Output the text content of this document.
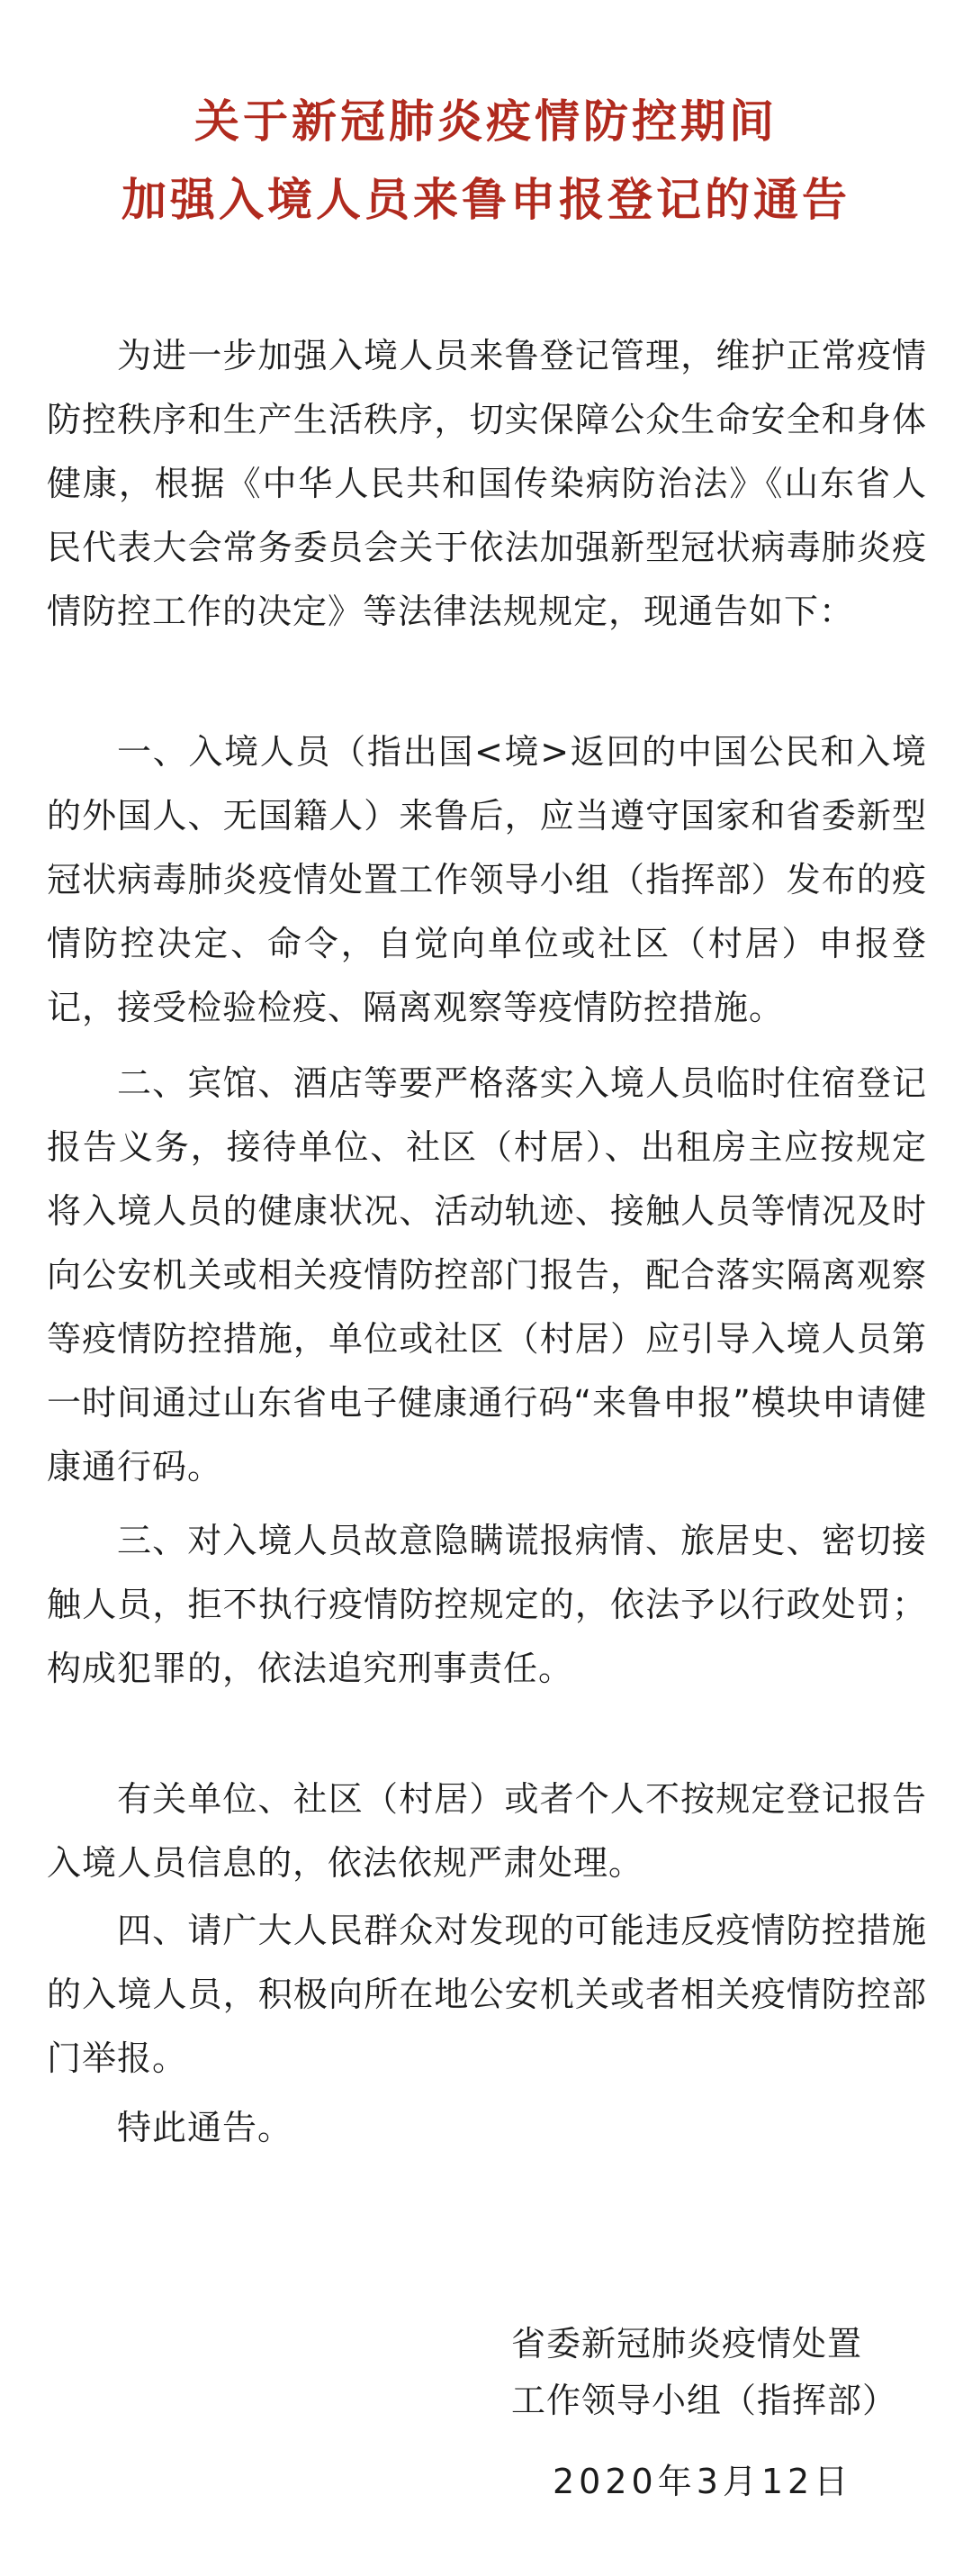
关于新冠肺炎疫情防控期间
加强入境人员来鲁申报登记的通告

为进一步加强入境人员来鲁登记管理，维护正常疫情防控秩序和生产生活秩序，切实保障公众生命安全和身体健康，根据《中华人民共和国传染病防治法》《山东省人民代表大会常务委员会关于依法加强新型冠状病毒肺炎疫情防控工作的决定》等法律法规规定，现通告如下：

一、入境人员（指出国<境>返回的中国公民和入境的外国人、无国籍人）来鲁后，应当遵守国家和省委新型冠状病毒肺炎疫情处置工作领导小组（指挥部）发布的疫情防控决定、命令，自觉向单位或社区（村居）申报登记，接受检验检疫、隔离观察等疫情防控措施。

二、宾馆、酒店等要严格落实入境人员临时住宿登记报告义务，接待单位、社区（村居）、出租房主应按规定将入境人员的健康状况、活动轨迹、接触人员等情况及时向公安机关或相关疫情防控部门报告，配合落实隔离观察等疫情防控措施，单位或社区（村居）应引导入境人员第一时间通过山东省电子健康通行码“来鲁申报”模块申请健康通行码。

三、对入境人员故意隐瞒谎报病情、旅居史、密切接触人员，拒不执行疫情防控规定的，依法予以行政处罚；构成犯罪的，依法追究刑事责任。

有关单位、社区（村居）或者个人不按规定登记报告入境人员信息的，依法依规严肃处理。

四、请广大人民群众对发现的可能违反疫情防控措施的入境人员，积极向所在地公安机关或者相关疫情防控部门举报。

特此通告。

省委新冠肺炎疫情处置
工作领导小组（指挥部）
2020年3月12日
